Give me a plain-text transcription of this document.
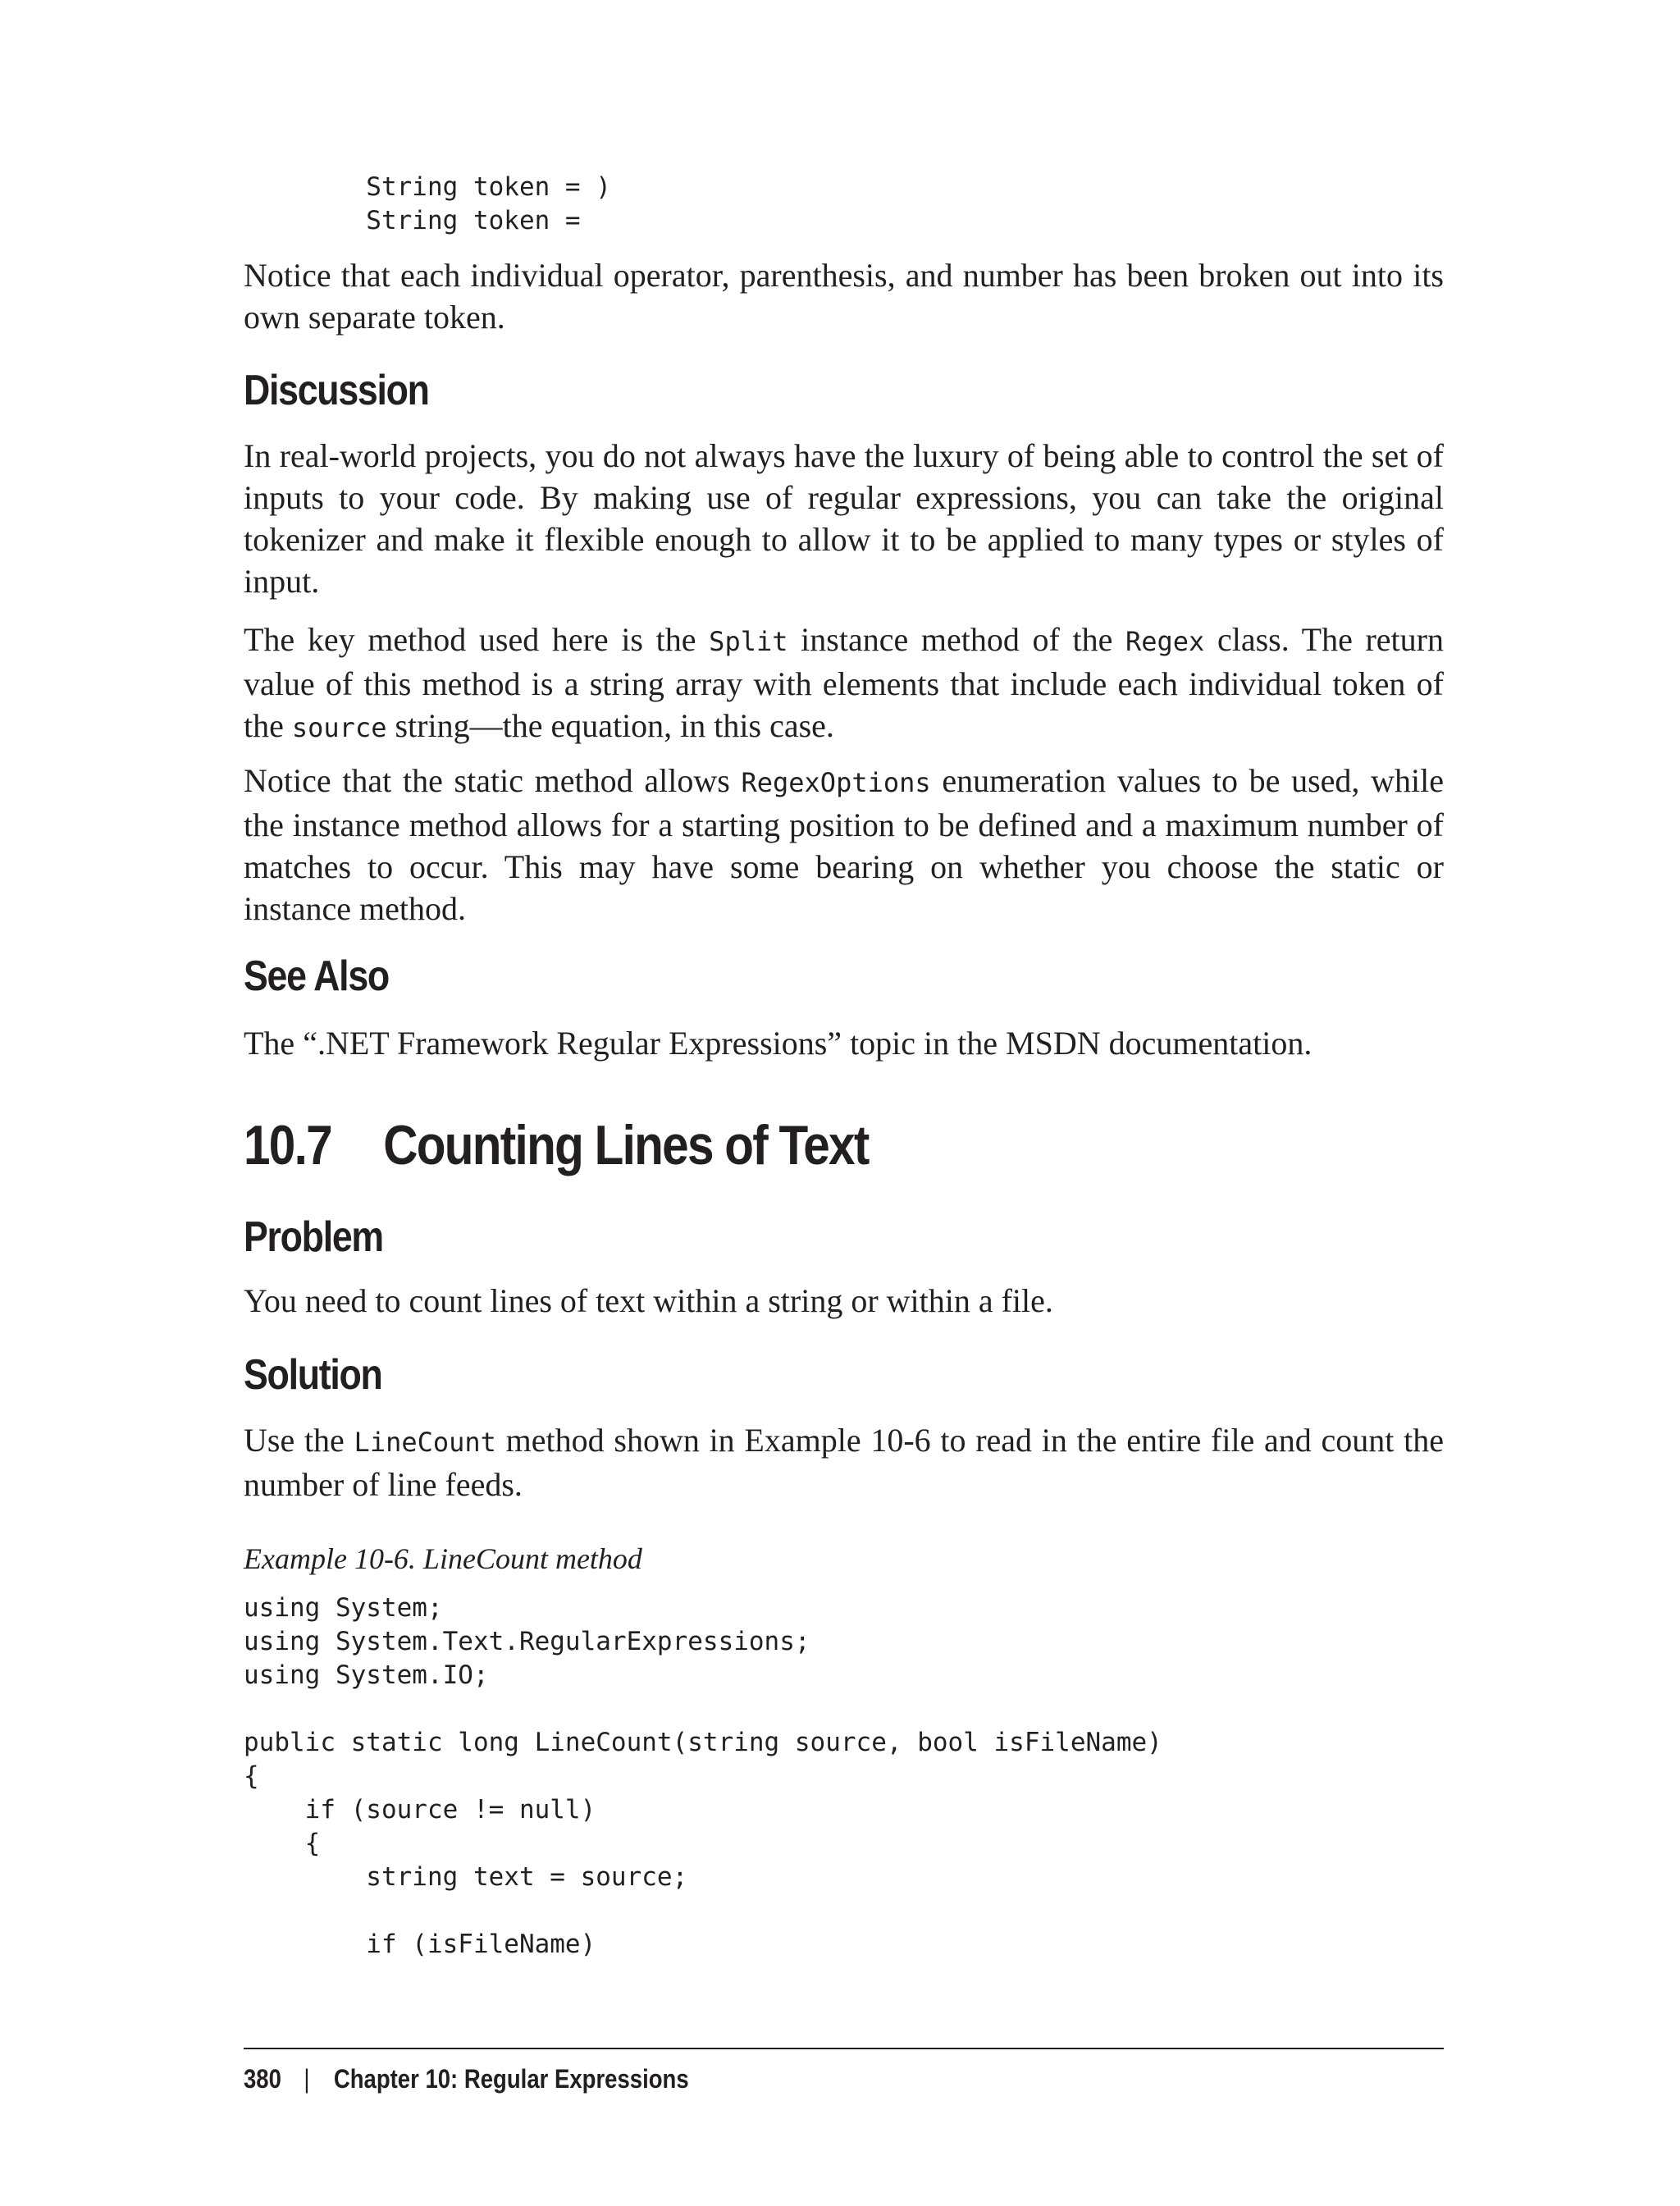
String token = )
String token =

Notice that each individual operator, parenthesis, and number has been broken out into its own separate token.

Discussion

In real-world projects, you do not always have the luxury of being able to control the set of inputs to your code. By making use of regular expressions, you can take the original tokenizer and make it flexible enough to allow it to be applied to many types or styles of input.

The key method used here is the Split instance method of the Regex class. The return value of this method is a string array with elements that include each individual token of the source string—the equation, in this case.

Notice that the static method allows RegexOptions enumeration values to be used, while the instance method allows for a starting position to be defined and a maximum number of matches to occur. This may have some bearing on whether you choose the static or instance method.

See Also

The “.NET Framework Regular Expressions” topic in the MSDN documentation.

10.7 Counting Lines of Text
Problem

You need to count lines of text within a string or within a file.

Solution

Use the LineCount method shown in Example 10-6 to read in the entire file and count the number of line feeds.

Example 10-6. LineCount method

using System;
using System.Text.RegularExpressions;
using System.IO;

public static long LineCount(string source, bool isFileName)
{
if (source != null)
{
string text = source;

if (isFileName)
380 | Chapter 10: Regular Expressions
